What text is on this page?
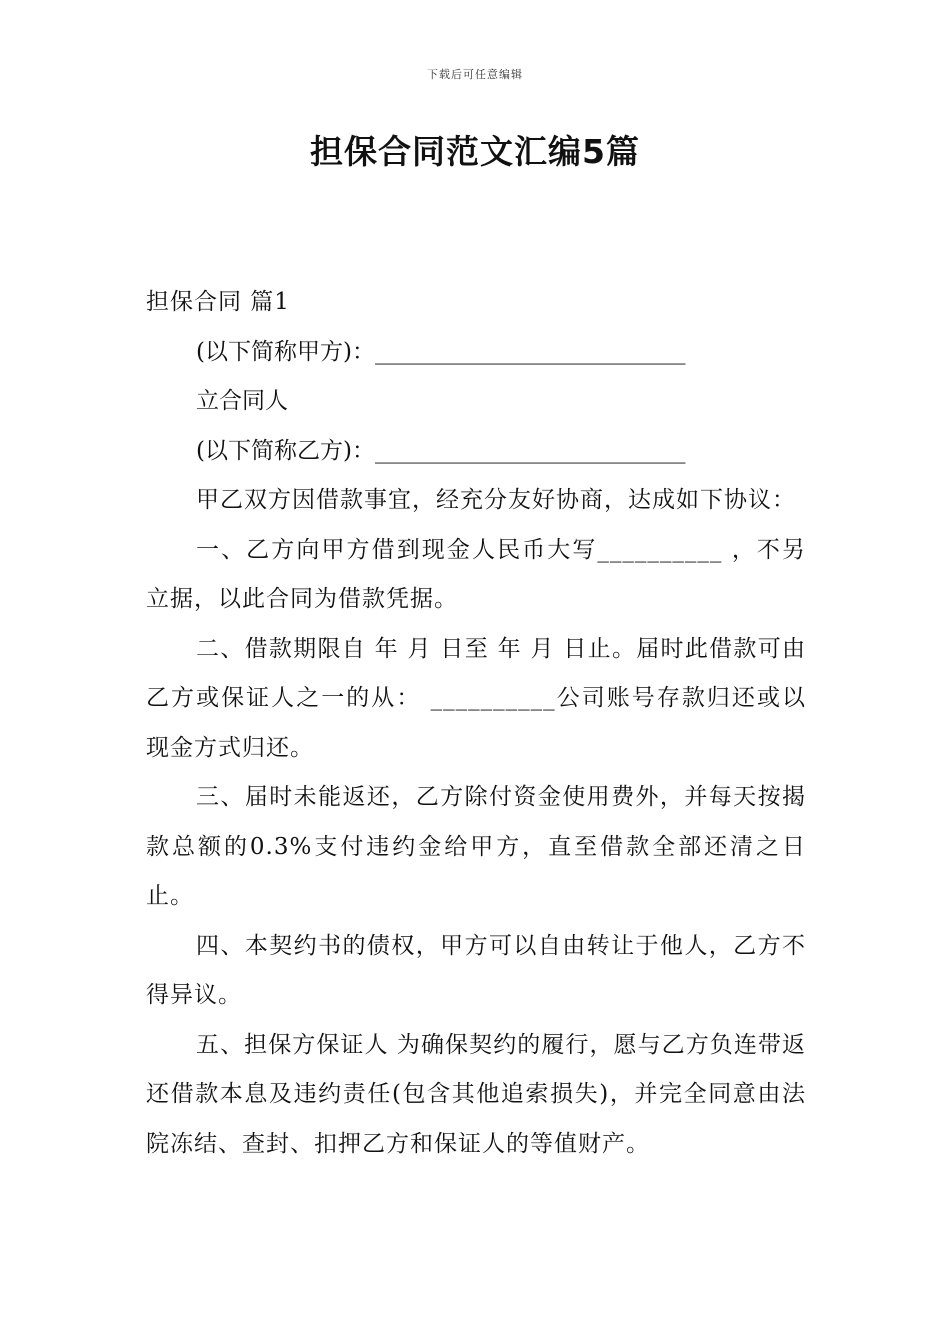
下载后可任意编辑
担保合同范文汇编5篇

担保合同 篇1

(以下简称甲方)：___________________________

立合同人

(以下简称乙方)：___________________________

甲乙双方因借款事宜，经充分友好协商，达成如下协议：

一、乙方向甲方借到现金人民币大写__________ ，不另立据，以此合同为借款凭据。

二、借款期限自 年 月 日至 年 月 日止。届时此借款可由乙方或保证人之一的从： __________公司账号存款归还或以现金方式归还。

三、届时未能返还，乙方除付资金使用费外，并每天按揭款总额的0.3%支付违约金给甲方，直至借款全部还清之日止。

四、本契约书的债权，甲方可以自由转让于他人，乙方不得异议。

五、担保方保证人 为确保契约的履行，愿与乙方负连带返还借款本息及违约责任(包含其他追索损失)，并完全同意由法院冻结、查封、扣押乙方和保证人的等值财产。
